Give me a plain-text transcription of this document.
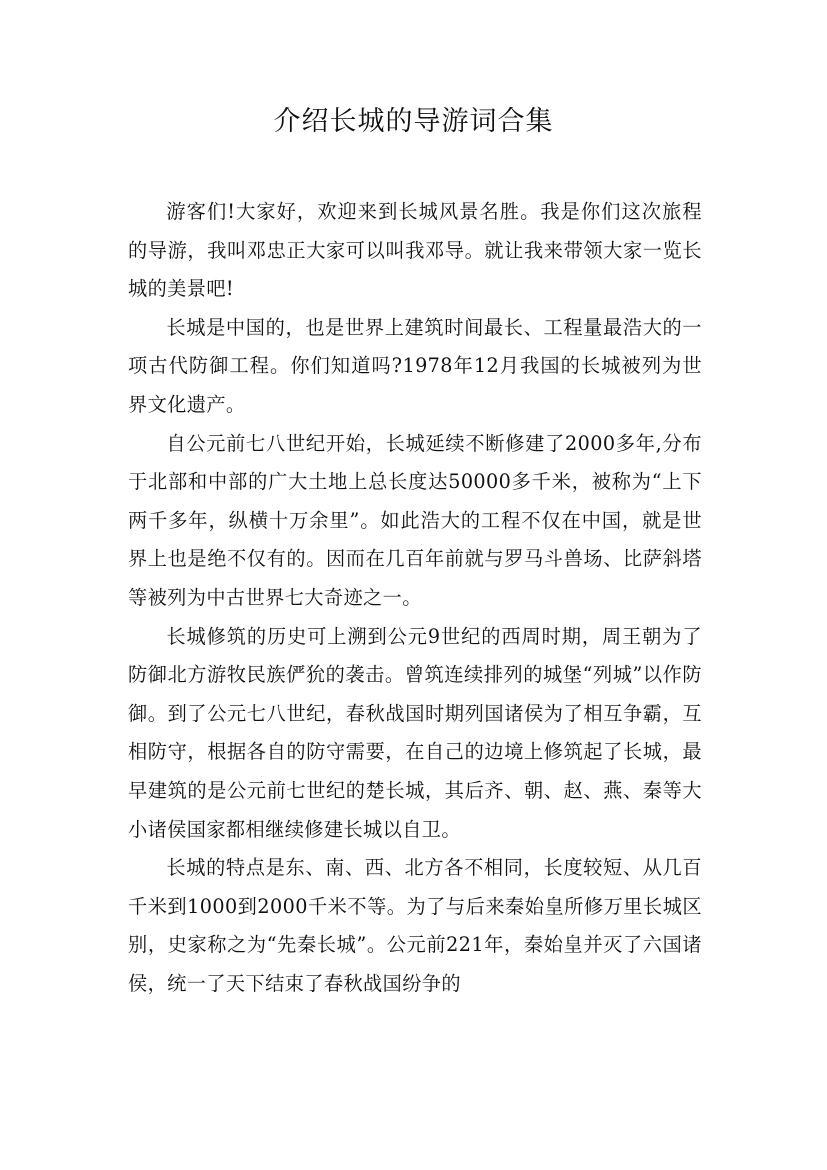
介绍长城的导游词合集

游客们!大家好，欢迎来到长城风景名胜。我是你们这次旅程的导游，我叫邓忠正大家可以叫我邓导。就让我来带领大家一览长城的美景吧!

长城是中国的，也是世界上建筑时间最长、工程量最浩大的一项古代防御工程。你们知道吗?1978年12月我国的长城被列为世界文化遗产。

自公元前七八世纪开始，长城延续不断修建了2000多年,分布于北部和中部的广大土地上总长度达50000多千米，被称为“上下两千多年，纵横十万余里”。如此浩大的工程不仅在中国，就是世界上也是绝不仅有的。因而在几百年前就与罗马斗兽场、比萨斜塔等被列为中古世界七大奇迹之一。

长城修筑的历史可上溯到公元9世纪的西周时期，周王朝为了防御北方游牧民族俨狁的袭击。曾筑连续排列的城堡“列城”以作防御。到了公元七八世纪，春秋战国时期列国诸侯为了相互争霸，互相防守，根据各自的防守需要，在自己的边境上修筑起了长城，最早建筑的是公元前七世纪的楚长城，其后齐、朝、赵、燕、秦等大小诸侯国家都相继续修建长城以自卫。

长城的特点是东、南、西、北方各不相同，长度较短、从几百千米到1000到2000千米不等。为了与后来秦始皇所修万里长城区别，史家称之为“先秦长城”。公元前221年，秦始皇并灭了六国诸侯，统一了天下结束了春秋战国纷争的
